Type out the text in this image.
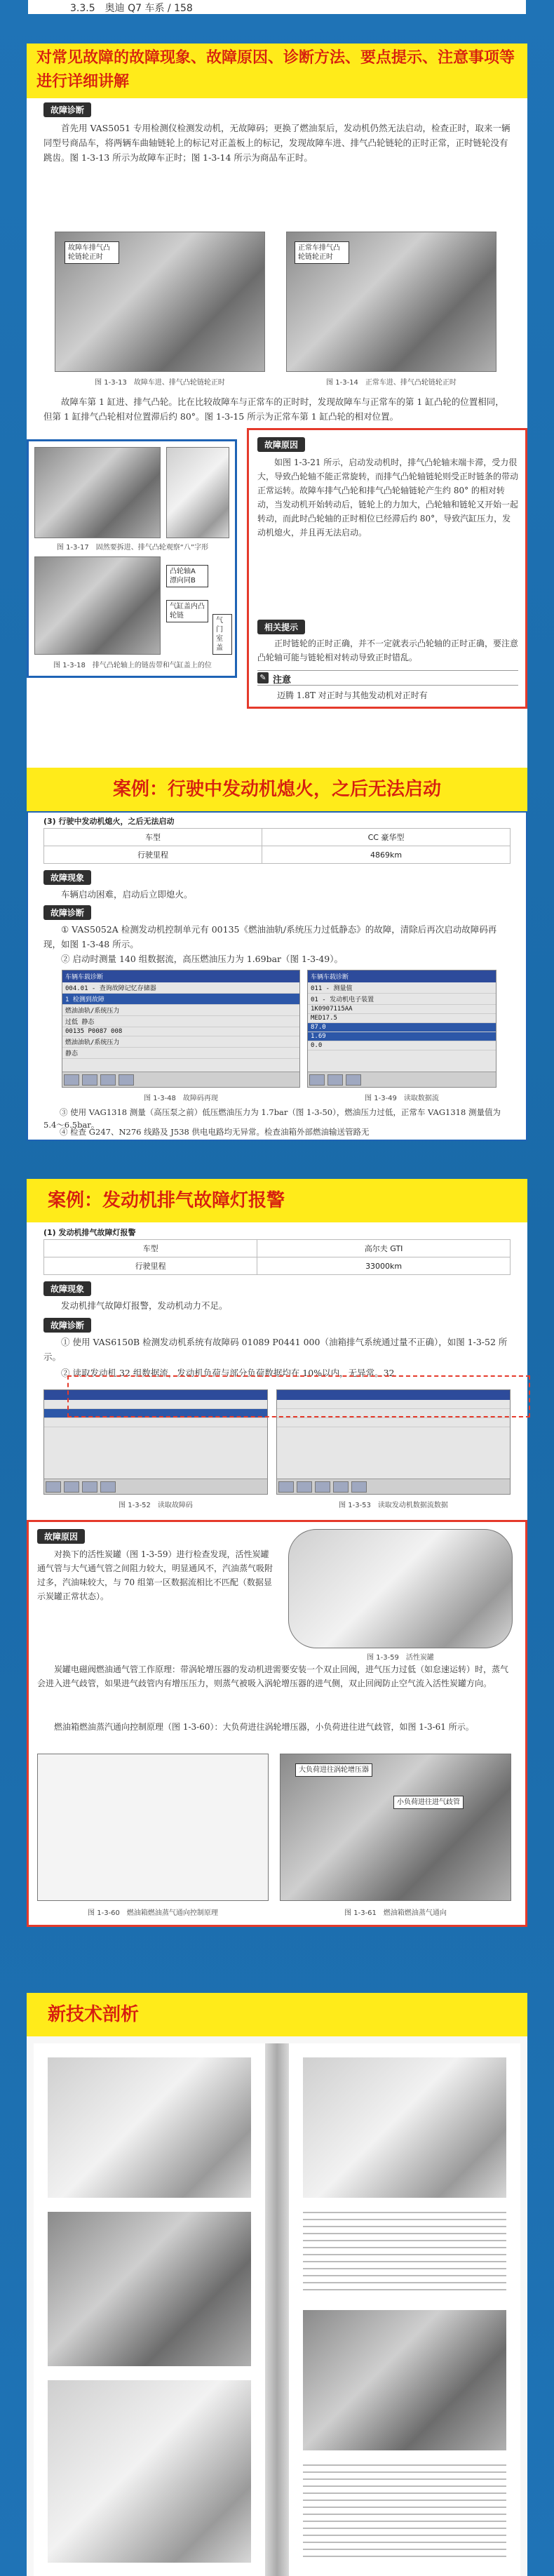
3.3.5　奥迪 Q7 车系 / 158
对常见故障的故障现象、故障原因、诊断方法、要点提示、注意事项等进行详细讲解
故障诊断
首先用 VAS5051 专用检测仪检测发动机，无故障码；更换了燃油泵后，发动机仍然无法启动，检查正时，取来一辆同型号商品车，将两辆车曲轴链轮上的标记对正盖板上的标记，发现故障车进、排气凸轮链轮的正时正常，正时链轮没有跳齿。图 1-3-13 所示为故障车正时；图 1-3-14 所示为商品车正时。
故障车排气凸轮链轮正时
正常车排气凸轮链轮正时
图 1-3-13　故障车进、排气凸轮链轮正时	图 1-3-14　正常车进、排气凸轮链轮正时
故障车第 1 缸进、排气凸轮。比在比较故障车与正常车的正时时，发现故障车与正常车的第 1 缸凸轮的位置相同，但第 1 缸排气凸轮相对位置滞后约 80°。图 1-3-15 所示为正常车第 1 缸凸轮的相对位置。
图 1-3-17　固然要拆进、排气凸轮观察“八”字形
凸轮轴A 漂向同B
气缸盖内凸轮链
气门室盖
图 1-3-18　排气凸轮轴上的链齿带和气缸盖上的位
故障原因
如图 1-3-21 所示，启动发动机时，排气凸轮轴末端卡滞，受力很大，导致凸轮轴不能正常旋转，而排气凸轮轴链轮则受正时链条的带动正常运转。故障车排气凸轮和排气凸轮轴链轮产生约 80° 的相对转动，当发动机开始转动后，链轮上的力加大，凸轮轴和链轮又开始一起转动，而此时凸轮轴的正时相位已经滞后约 80°，导致汽缸压力，发动机熄火，并且再无法启动。
相关提示
正时链轮的正时正确，并不一定就表示凸轮轴的正时正确，要注意凸轮轴可能与链轮相对转动导致正时错乱。
✎ 注意
迈腾 1.8T 对正时与其他发动机对正时有
案例：行驶中发动机熄火，之后无法启动
(3) 行驶中发动机熄火，之后无法启动
车型	CC 豪华型
行驶里程	4869km
故障现象
车辆启动困难，启动后立即熄火。
故障诊断
① VAS5052A 检测发动机控制单元有 00135《燃油油轨/系统压力过低静态》的故障，清除后再次启动故障码再现，如图 1-3-48 所示。
② 启动时测量 140 组数据流，高压燃油压力为 1.69bar（图 1-3-49）。
车辆车载诊断
004.01 - 查询故障记忆存储器
1 检测到故障
燃油油轨/系统压力
过低 静态
00135 P0087 008
燃油油轨/系统压力
静态
车辆车载诊断
011 - 测量值
01 - 发动机电子装置
1K0907115AA
MED17.5
87.0
1.69
0.0
图 1-3-48　故障码再现	图 1-3-49　读取数据流
③ 使用 VAG1318 测量（高压泵之前）低压燃油压力为 1.7bar（图 1-3-50），燃油压力过低，正常车 VAG1318 测量值为 5.4～6.5bar。
④ 检查 G247、N276 线路及 J538 供电电路均无异常。检查油箱外部燃油输送管路无
案例：发动机排气故障灯报警
(1) 发动机排气故障灯报警
车型	高尔夫 GTI
行驶里程	33000km
故障现象
发动机排气故障灯报警，发动机动力不足。
故障诊断
① 使用 VAS6150B 检测发动机系统有故障码 01089 P0441 000（油箱排气系统通过量不正确），如图 1-3-52 所示。
② 读取发动机 32 组数据流，发动机负荷与部分负荷数据均在 10%以内，无异常。32

图 1-3-52　读取故障码	图 1-3-53　读取发动机数据流数据
故障原因
对换下的活性炭罐（图 1-3-59）进行检查发现，活性炭罐通气管与大气通气管之间阻力较大，明显通风不，汽油蒸气吸附过多，汽油味较大，与 70 组第一区数据流相比不匹配（数据显示炭罐正常状态）。
图 1-3-59　活性炭罐
炭罐电磁阀燃油通气管工作原理：带涡轮增压器的发动机进需要安装一个双止回阀，进气压力过低（如怠速运转）时，蒸气会进入进气歧管，如果进气歧管内有增压压力，则蒸气被吸入涡轮增压器的进气侧，双止回阀防止空气流入活性炭罐方向。
燃油箱燃油蒸汽通向控制原理（图 1-3-60）：大负荷进往涡轮增压器，小负荷进往进气歧管，如图 1-3-61 所示。
大负荷进往涡轮增压器
小负荷进往进气歧管
图 1-3-60　燃油箱燃油蒸气通向控制原理	图 1-3-61　燃油箱燃油蒸气通向
新技术剖析
